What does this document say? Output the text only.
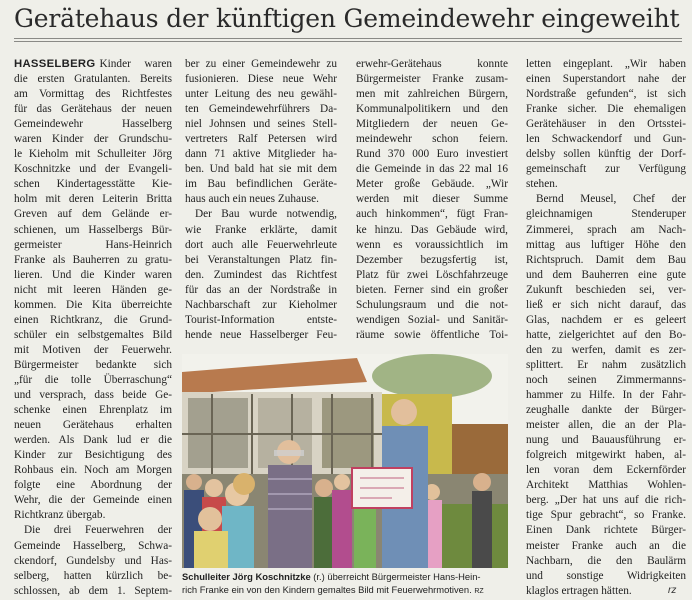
Gerätehaus der künftigen Gemeindewehr eingeweiht
HASSELBERG Kinder waren
die ersten Gratulanten. Bereits
am Vormittag des Richtfestes
für das Gerätehaus der neuen
Gemeindewehr Hasselberg
waren Kinder der Grundschu-
le Kieholm mit Schulleiter Jörg
Koschnitzke und der Evangeli-
schen Kindertagesstätte Kie-
holm mit deren Leiterin Britta
Greven auf dem Gelände er-
schienen, um Hasselbergs Bür-
germeister Hans-Heinrich
Franke als Bauherren zu gratu-
lieren. Und die Kinder waren
nicht mit leeren Händen ge-
kommen. Die Kita überreichte
einen Richtkranz, die Grund-
schüler ein selbstgemaltes Bild
mit Motiven der Feuerwehr.
Bürgermeister bedankte sich
„für die tolle Überraschung“
und versprach, dass beide Ge-
schenke einen Ehrenplatz im
neuen Gerätehaus erhalten
werden. Als Dank lud er die
Kinder zur Besichtigung des
Rohbaus ein. Noch am Morgen
folgte eine Abordnung der
Wehr, die der Gemeinde einen
Richtkranz übergab.
Die drei Feuerwehren der
Gemeinde Hasselberg, Schwa-
ckendorf, Gundelsby und Has-
selberg, hatten kürzlich be-
schlossen, ab dem 1. Septem-
ber zu einer Gemeindewehr zu
fusionieren. Diese neue Wehr
unter Leitung des neu gewähl-
ten Gemeindewehrführers Da-
niel Johnsen und seines Stell-
vertreters Ralf Petersen wird
dann 71 aktive Mitglieder ha-
ben. Und bald hat sie mit dem
im Bau befindlichen Geräte-
haus auch ein neues Zuhause.
Der Bau wurde notwendig,
wie Franke erklärte, damit
dort auch alle Feuerwehrleute
bei Veranstaltungen Platz fin-
den. Zumindest das Richtfest
für das an der Nordstraße in
Nachbarschaft zur Kieholmer
Tourist-Information entste-
hende neue Hasselberger Feu-
erwehr-Gerätehaus konnte
Bürgermeister Franke zusam-
men mit zahlreichen Bürgern,
Kommunalpolitikern und den
Mitgliedern der neuen Ge-
meindewehr schon feiern.
Rund 370 000 Euro investiert
die Gemeinde in das 22 mal 16
Meter große Gebäude. „Wir
werden mit dieser Summe
auch hinkommen“, fügt Fran-
ke hinzu. Das Gebäude wird,
wenn es voraussichtlich im
Dezember bezugsfertig ist,
Platz für zwei Löschfahrzeuge
bieten. Ferner sind ein großer
Schulungsraum und die not-
wendigen Sozial- und Sanitär-
räume sowie öffentliche Toi-
letten eingeplant. „Wir haben
einen Superstandort nahe der
Nordstraße gefunden“, ist sich
Franke sicher. Die ehemaligen
Gerätehäuser in den Ortsstei-
len Schwackendorf und Gun-
delsby sollen künftig der Dorf-
gemeinschaft zur Verfügung
stehen.
Bernd Meusel, Chef der
gleichnamigen Stenderuper
Zimmerei, sprach am Nach-
mittag aus luftiger Höhe den
Richtspruch. Damit dem Bau
und dem Bauherren eine gute
Zukunft beschieden sei, ver-
ließ er sich nicht darauf, das
Glas, nachdem er es geleert
hatte, zielgerichtet auf den Bo-
den zu werfen, damit es zer-
splittert. Er nahm zusätzlich
noch seinen Zimmermanns-
hammer zu Hilfe. In der Fahr-
zeughalle dankte der Bürger-
meister allen, die an der Pla-
nung und Bauausführung er-
folgreich mitgewirkt haben, al-
len voran dem Eckernförder
Architekt Matthias Wohlen-
berg. „Der hat uns auf die rich-
tige Spur gebracht“, so Franke.
Einen Dank richtete Bürger-
meister Franke auch an die
Nachbarn, die den Baulärm
und sonstige Widrigkeiten
klaglos ertragen hätten.
Schulleiter Jörg Koschnitzke (r.) überreicht Bürgermeister Hans-Hein-
rich Franke ein von den Kindern gemaltes Bild mit Feuerwehrmotiven. RZ	rz
